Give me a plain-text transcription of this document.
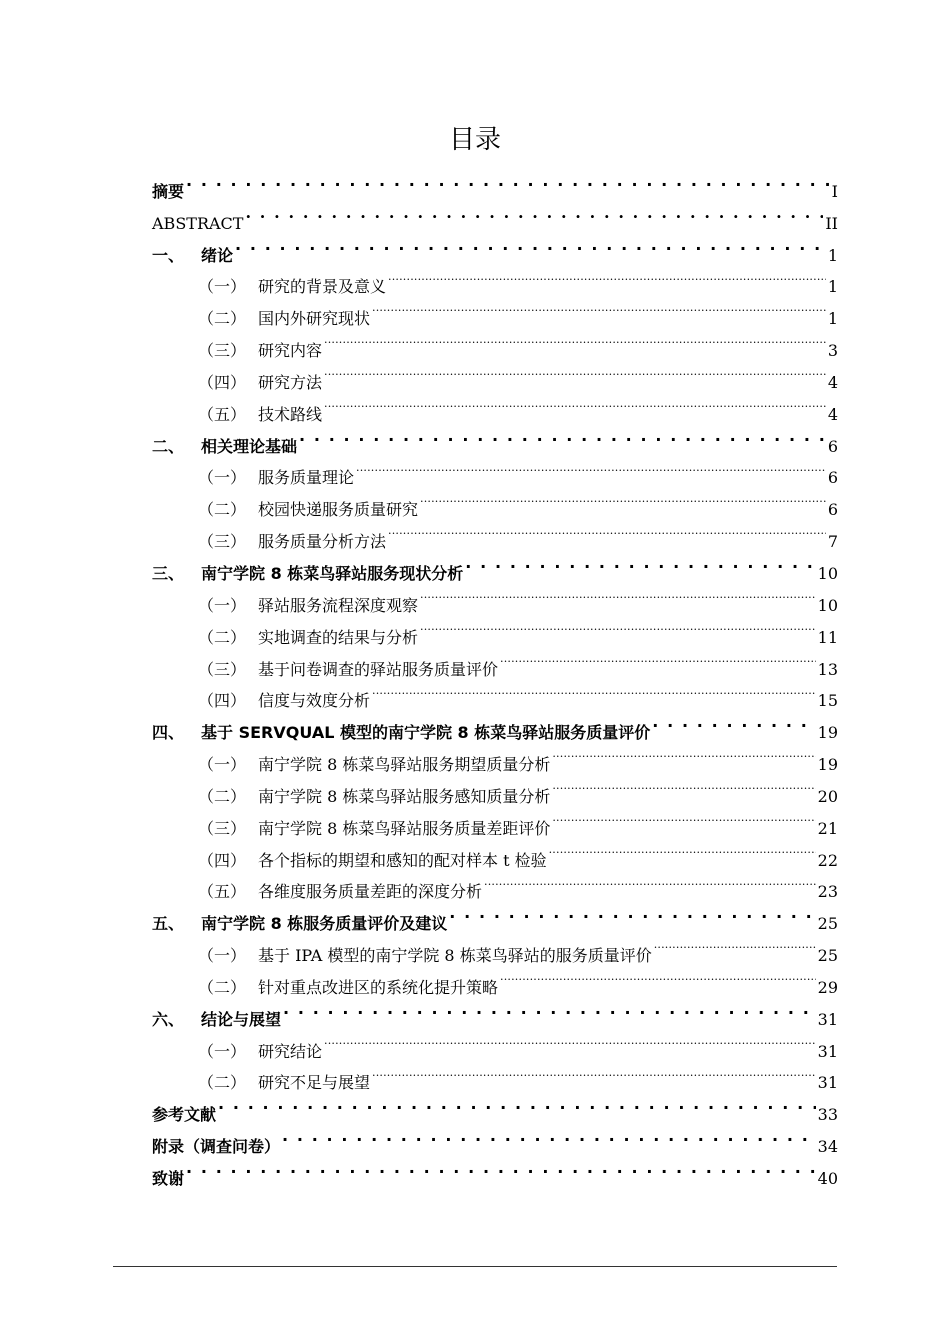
目录
摘要 . . .	I
ABSTRACT . . .	II
一、	绪论 . . .	1
（一） 研究的背景及意义 .....	1
（二） 国内外研究现状 .....	1
（三） 研究内容 .....	3
（四） 研究方法 .....	4
（五） 技术路线 .....	4
二、	相关理论基础 . . .	6
（一） 服务质量理论 .....	6
（二） 校园快递服务质量研究 .....	6
（三） 服务质量分析方法 .....	7
三、	南宁学院 8 栋菜鸟驿站服务现状分析 . . .	10
（一） 驿站服务流程深度观察 .....	10
（二） 实地调查的结果与分析 .....	11
（三） 基于问卷调查的驿站服务质量评价 .....	13
（四） 信度与效度分析 .....	15
四、	基于 SERVQUAL 模型的南宁学院 8 栋菜鸟驿站服务质量评价 . . .	19
（一） 南宁学院 8 栋菜鸟驿站服务期望质量分析 .....	19
（二） 南宁学院 8 栋菜鸟驿站服务感知质量分析 .....	20
（三） 南宁学院 8 栋菜鸟驿站服务质量差距评价 .....	21
（四） 各个指标的期望和感知的配对样本 t 检验 .....	22
（五） 各维度服务质量差距的深度分析 .....	23
五、	南宁学院 8 栋服务质量评价及建议 . . .	25
（一） 基于 IPA 模型的南宁学院 8 栋菜鸟驿站的服务质量评价 .....	25
（二） 针对重点改进区的系统化提升策略 .....	29
六、	结论与展望 . . .	31
（一） 研究结论 .....	31
（二） 研究不足与展望 .....	31
参考文献 . . .	33
附录（调查问卷） . . .	34
致谢 . . .	40
